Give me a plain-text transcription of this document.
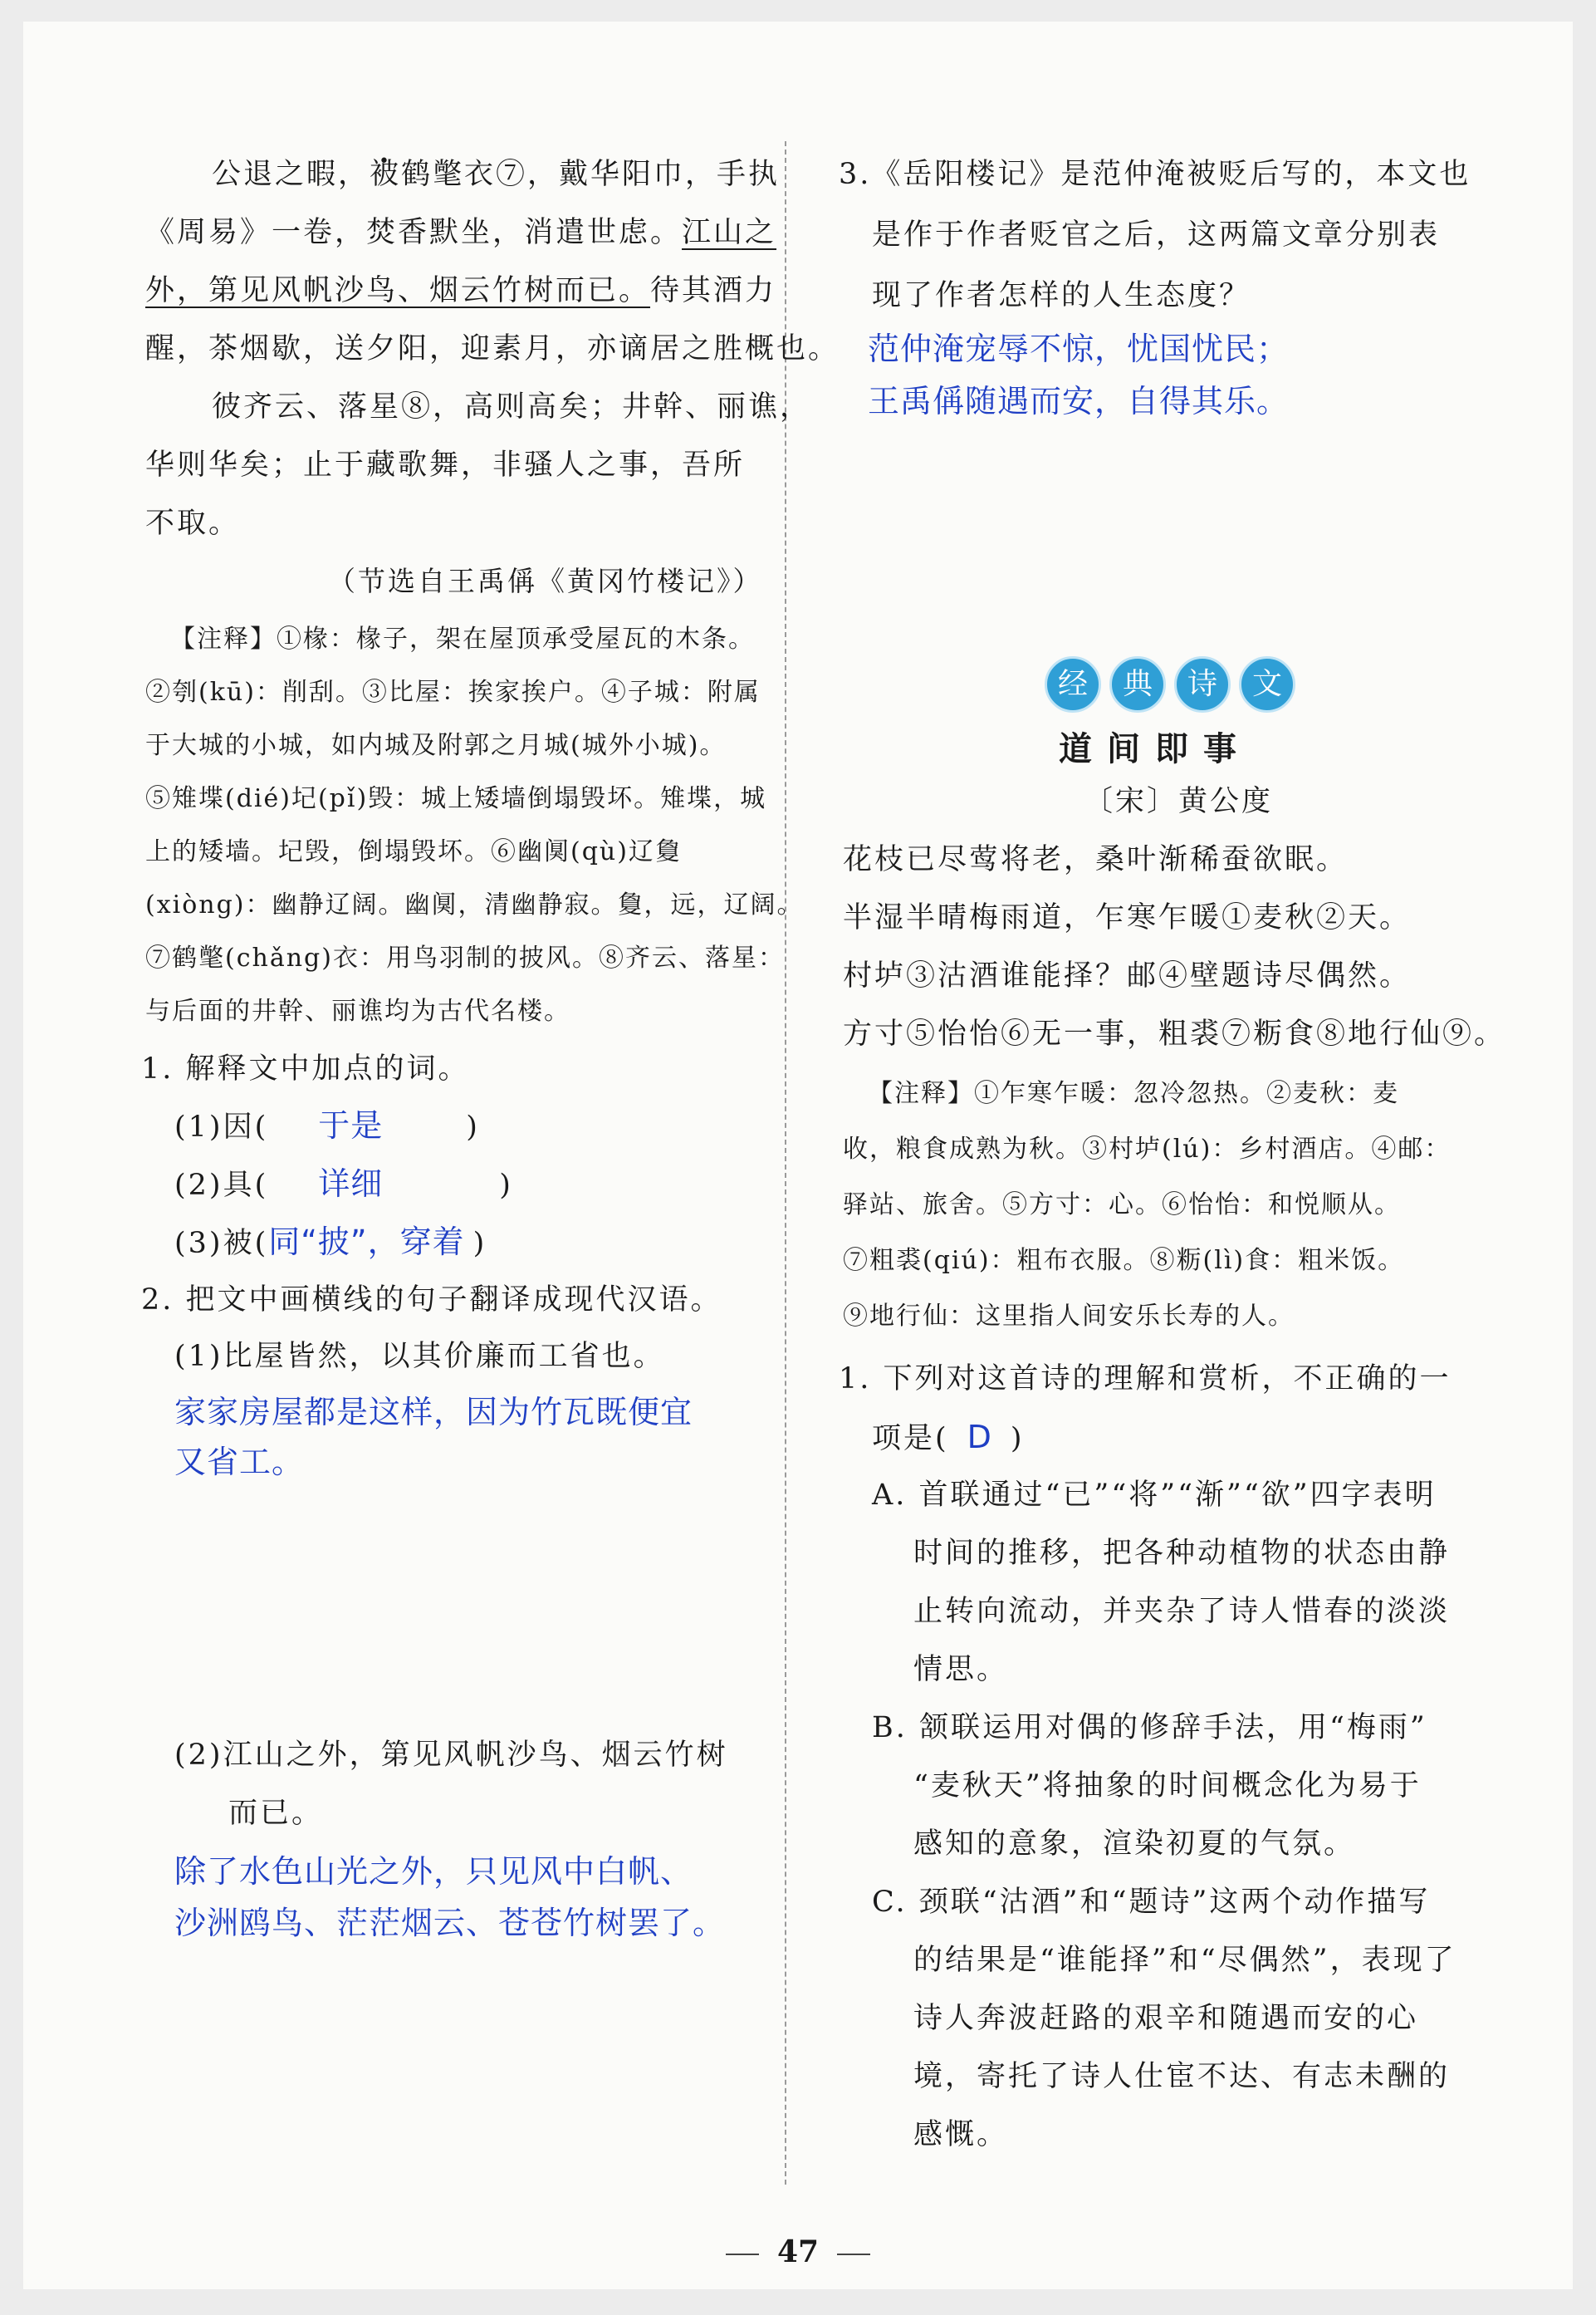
公退之暇，被鹤氅衣⑦，戴华阳巾，手执
《周易》一卷，焚香默坐，消遣世虑。江山之
外，第见风帆沙鸟、烟云竹树而已。待其酒力
醒，茶烟歇，送夕阳，迎素月，亦谪居之胜概也。
彼齐云、落星⑧，高则高矣；井幹、丽谯，
华则华矣；止于藏歌舞，非骚人之事，吾所
不取。
（节选自王禹偁《黄冈竹楼记》）
【注释】①椽：椽子，架在屋顶承受屋瓦的木条。
②刳(kū)：削刮。③比屋：挨家挨户。④子城：附属
于大城的小城，如内城及附郭之月城(城外小城)。
⑤雉堞(dié)圮(pǐ)毁：城上矮墙倒塌毁坏。雉堞，城
上的矮墙。圮毁，倒塌毁坏。⑥幽阒(qù)辽敻
(xiòng)：幽静辽阔。幽阒，清幽静寂。敻，远，辽阔。
⑦鹤氅(chǎng)衣：用鸟羽制的披风。⑧齐云、落星：
与后面的井幹、丽谯均为古代名楼。
1. 解释文中加点的词。
(1)因( 于是	)
(2)具( 详细	)
(3)被(同“披”，穿着 )
2. 把文中画横线的句子翻译成现代汉语。
(1)比屋皆然，以其价廉而工省也。
家家房屋都是这样，因为竹瓦既便宜
又省工。
(2)江山之外，第见风帆沙鸟、烟云竹树
而已。
除了水色山光之外，只见风中白帆、
沙洲鸥鸟、茫茫烟云、苍苍竹树罢了。
3.《岳阳楼记》是范仲淹被贬后写的，本文也
是作于作者贬官之后，这两篇文章分别表
现了作者怎样的人生态度？
范仲淹宠辱不惊，忧国忧民；
王禹偁随遇而安，自得其乐。
经	典	诗	文
道间即事
〔宋〕黄公度
花枝已尽莺将老，桑叶渐稀蚕欲眠。
半湿半晴梅雨道，乍寒乍暖①麦秋②天。
村垆③沽酒谁能择？邮④壁题诗尽偶然。
方寸⑤怡怡⑥无一事，粗裘⑦粝食⑧地行仙⑨。
【注释】①乍寒乍暖：忽冷忽热。②麦秋：麦
收，粮食成熟为秋。③村垆(lú)：乡村酒店。④邮：
驿站、旅舍。⑤方寸：心。⑥怡怡：和悦顺从。
⑦粗裘(qiú)：粗布衣服。⑧粝(lì)食：粗米饭。
⑨地行仙：这里指人间安乐长寿的人。
1. 下列对这首诗的理解和赏析，不正确的一
项是( D )
A. 首联通过“已”“将”“渐”“欲”四字表明
时间的推移，把各种动植物的状态由静
止转向流动，并夹杂了诗人惜春的淡淡
情思。
B. 颔联运用对偶的修辞手法，用“梅雨”
“麦秋天”将抽象的时间概念化为易于
感知的意象，渲染初夏的气氛。
C. 颈联“沽酒”和“题诗”这两个动作描写
的结果是“谁能择”和“尽偶然”，表现了
诗人奔波赶路的艰辛和随遇而安的心
境，寄托了诗人仕宦不达、有志未酬的
感慨。
47
